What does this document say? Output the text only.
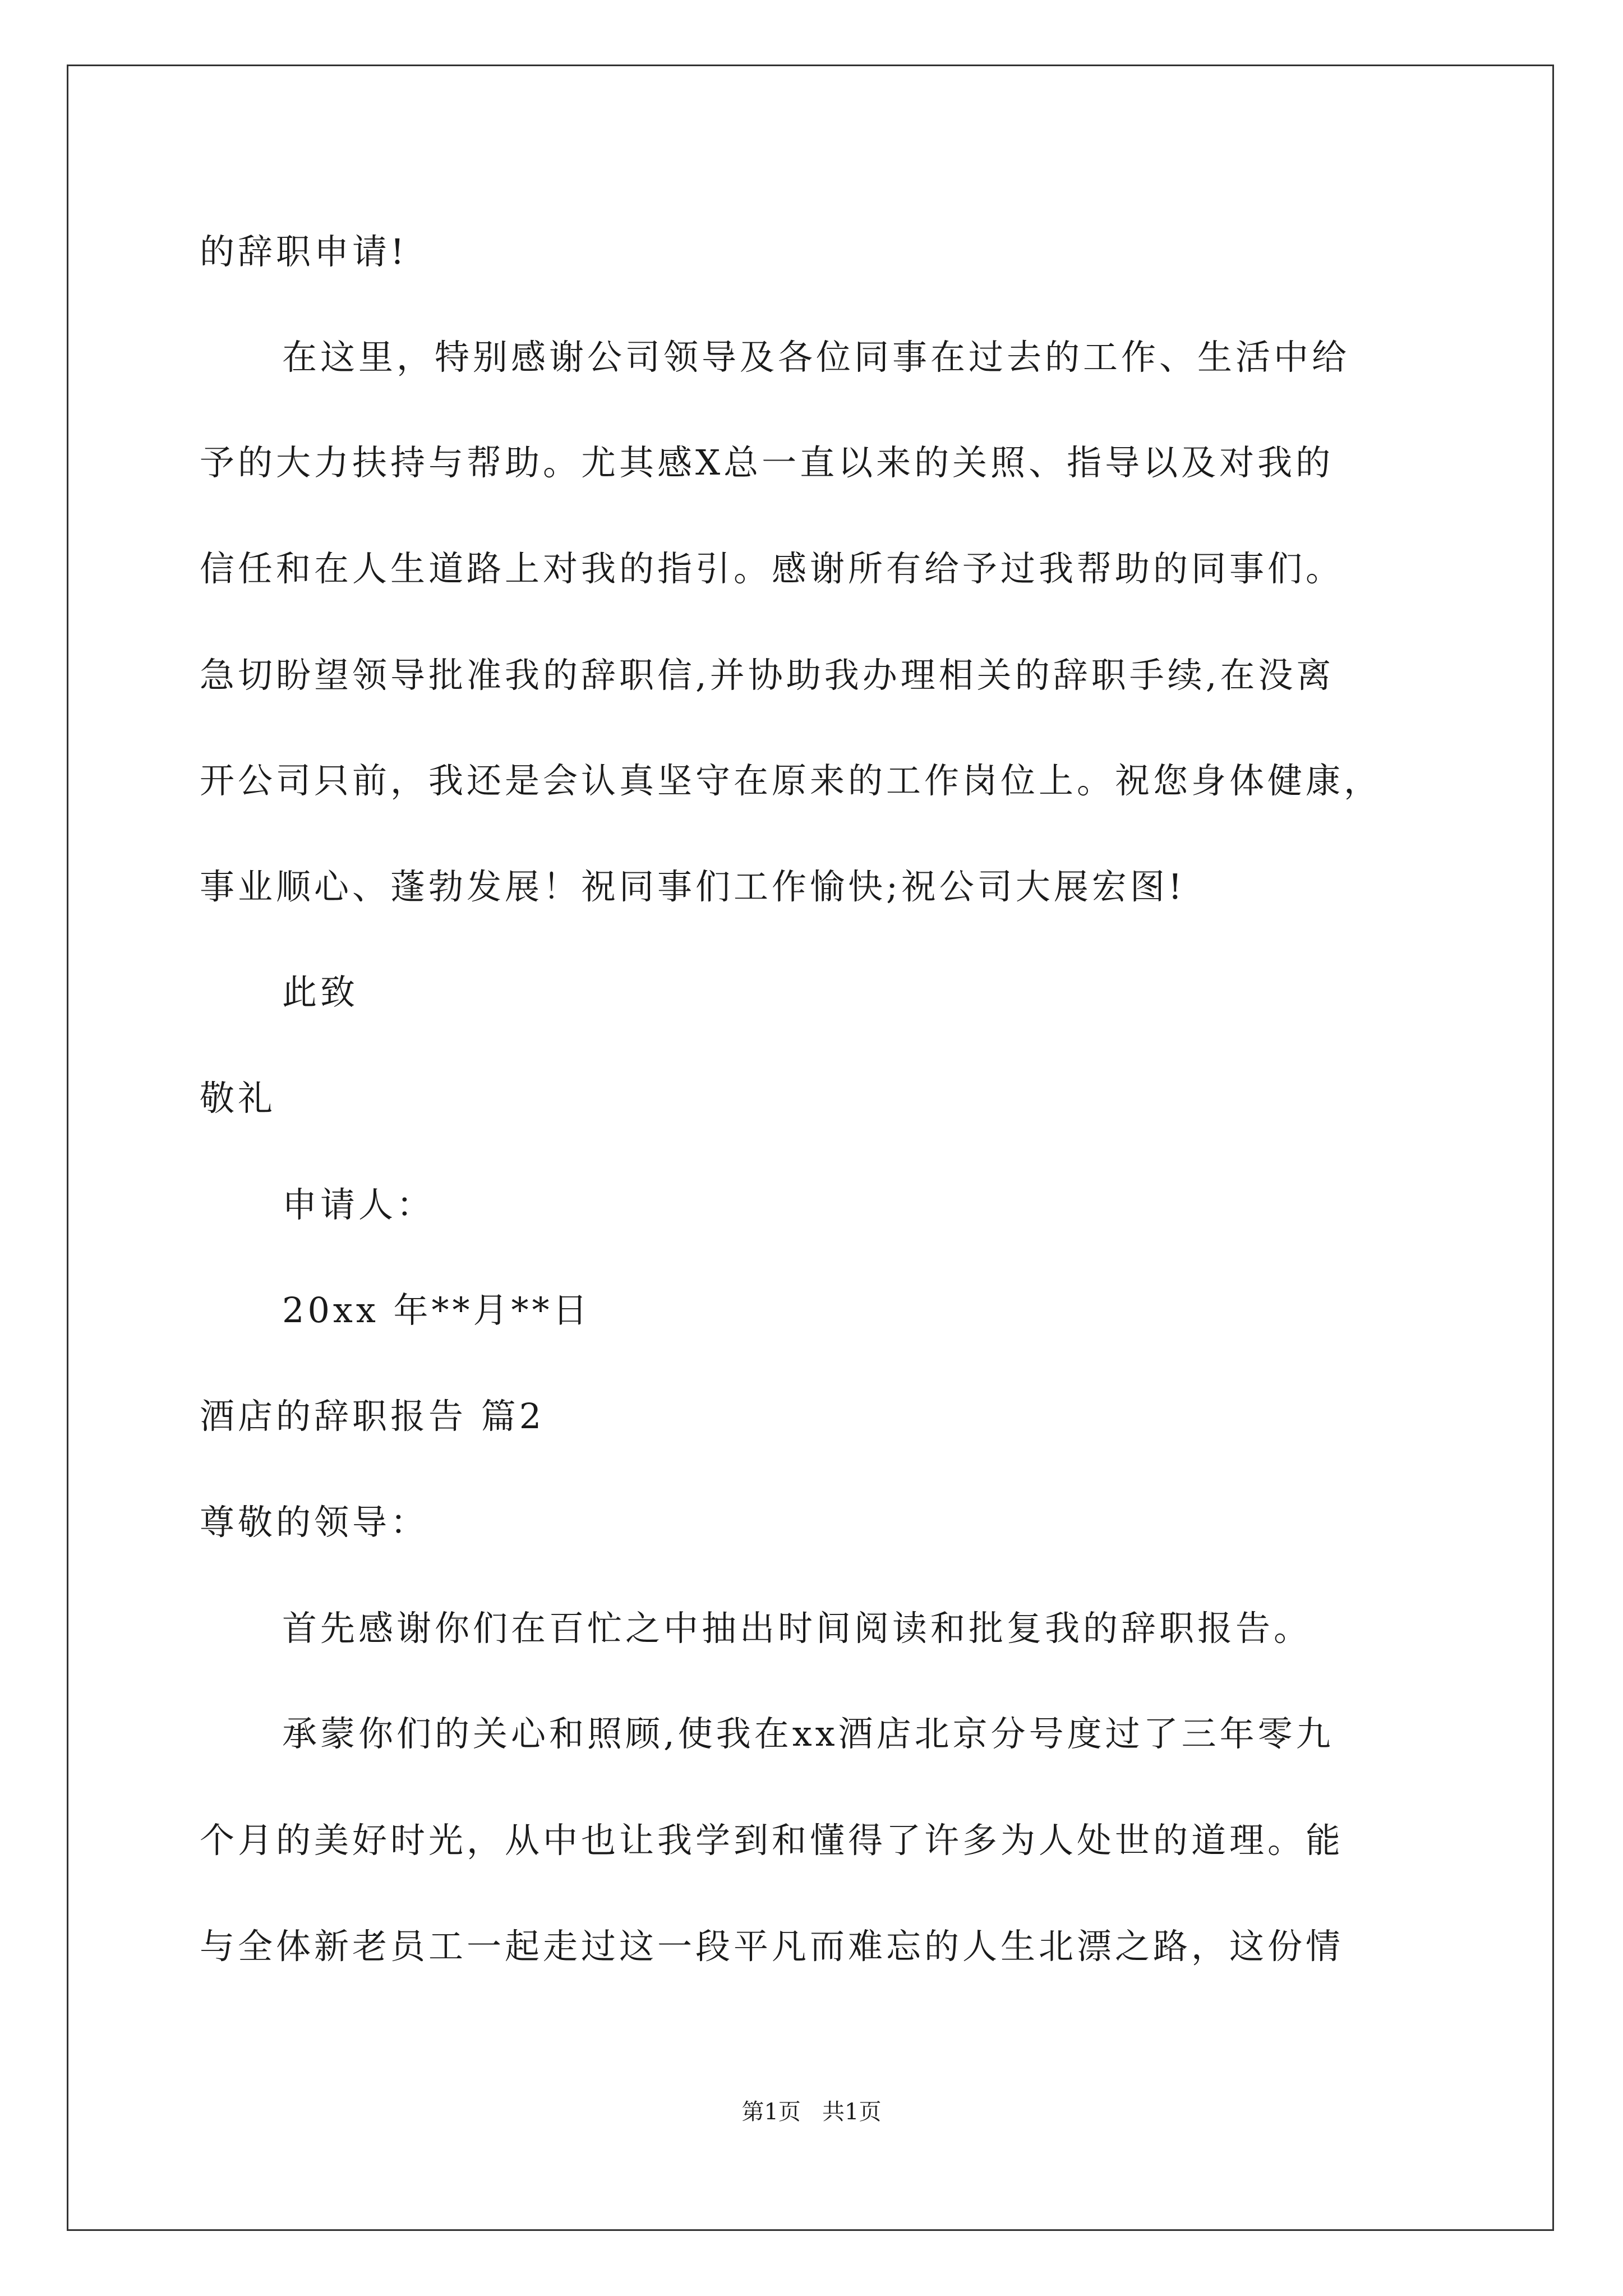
的辞职申请!
在这里，特别感谢公司领导及各位同事在过去的工作、生活中给
予的大力扶持与帮助。尤其感X总一直以来的关照、指导以及对我的
信任和在人生道路上对我的指引。感谢所有给予过我帮助的同事们。
急切盼望领导批准我的辞职信,并协助我办理相关的辞职手续,在没离
开公司只前，我还是会认真坚守在原来的工作岗位上。祝您身体健康，
事业顺心、蓬勃发展！祝同事们工作愉快;祝公司大展宏图!
此致
敬礼
申请人：
20xx 年**月**日
酒店的辞职报告 篇2
尊敬的领导：
首先感谢你们在百忙之中抽出时间阅读和批复我的辞职报告。
承蒙你们的关心和照顾,使我在xx酒店北京分号度过了三年零九
个月的美好时光，从中也让我学到和懂得了许多为人处世的道理。能
与全体新老员工一起走过这一段平凡而难忘的人生北漂之路，这份情
第1页   共1页
